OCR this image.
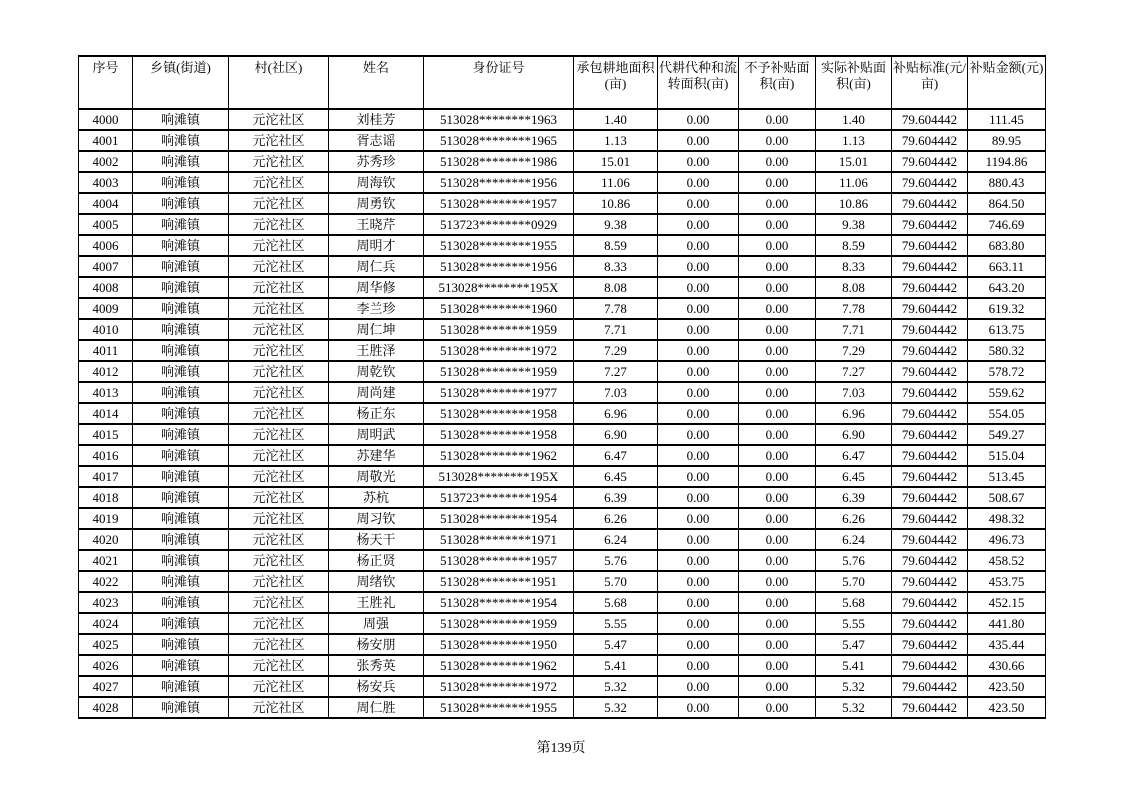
序号	乡镇(街道)	村(社区)	姓名	身份证号	承包耕地面积(亩)	代耕代种和流转面积(亩)	不予补贴面积(亩)	实际补贴面积(亩)	补贴标准(元/亩)	补贴金额(元)
4000	响滩镇	元沱社区	刘桂芳	513028********1963	1.40	0.00	0.00	1.40	79.604442	111.45
4001	响滩镇	元沱社区	胥志谣	513028********1965	1.13	0.00	0.00	1.13	79.604442	89.95
4002	响滩镇	元沱社区	苏秀珍	513028********1986	15.01	0.00	0.00	15.01	79.604442	1194.86
4003	响滩镇	元沱社区	周海钦	513028********1956	11.06	0.00	0.00	11.06	79.604442	880.43
4004	响滩镇	元沱社区	周勇钦	513028********1957	10.86	0.00	0.00	10.86	79.604442	864.50
4005	响滩镇	元沱社区	王晓芹	513723********0929	9.38	0.00	0.00	9.38	79.604442	746.69
4006	响滩镇	元沱社区	周明才	513028********1955	8.59	0.00	0.00	8.59	79.604442	683.80
4007	响滩镇	元沱社区	周仁兵	513028********1956	8.33	0.00	0.00	8.33	79.604442	663.11
4008	响滩镇	元沱社区	周华修	513028********195X	8.08	0.00	0.00	8.08	79.604442	643.20
4009	响滩镇	元沱社区	李兰珍	513028********1960	7.78	0.00	0.00	7.78	79.604442	619.32
4010	响滩镇	元沱社区	周仁坤	513028********1959	7.71	0.00	0.00	7.71	79.604442	613.75
4011	响滩镇	元沱社区	王胜泽	513028********1972	7.29	0.00	0.00	7.29	79.604442	580.32
4012	响滩镇	元沱社区	周乾钦	513028********1959	7.27	0.00	0.00	7.27	79.604442	578.72
4013	响滩镇	元沱社区	周尚建	513028********1977	7.03	0.00	0.00	7.03	79.604442	559.62
4014	响滩镇	元沱社区	杨正东	513028********1958	6.96	0.00	0.00	6.96	79.604442	554.05
4015	响滩镇	元沱社区	周明武	513028********1958	6.90	0.00	0.00	6.90	79.604442	549.27
4016	响滩镇	元沱社区	苏建华	513028********1962	6.47	0.00	0.00	6.47	79.604442	515.04
4017	响滩镇	元沱社区	周敬光	513028********195X	6.45	0.00	0.00	6.45	79.604442	513.45
4018	响滩镇	元沱社区	苏杭	513723********1954	6.39	0.00	0.00	6.39	79.604442	508.67
4019	响滩镇	元沱社区	周习钦	513028********1954	6.26	0.00	0.00	6.26	79.604442	498.32
4020	响滩镇	元沱社区	杨天干	513028********1971	6.24	0.00	0.00	6.24	79.604442	496.73
4021	响滩镇	元沱社区	杨正贤	513028********1957	5.76	0.00	0.00	5.76	79.604442	458.52
4022	响滩镇	元沱社区	周绪钦	513028********1951	5.70	0.00	0.00	5.70	79.604442	453.75
4023	响滩镇	元沱社区	王胜礼	513028********1954	5.68	0.00	0.00	5.68	79.604442	452.15
4024	响滩镇	元沱社区	周强	513028********1959	5.55	0.00	0.00	5.55	79.604442	441.80
4025	响滩镇	元沱社区	杨安朋	513028********1950	5.47	0.00	0.00	5.47	79.604442	435.44
4026	响滩镇	元沱社区	张秀英	513028********1962	5.41	0.00	0.00	5.41	79.604442	430.66
4027	响滩镇	元沱社区	杨安兵	513028********1972	5.32	0.00	0.00	5.32	79.604442	423.50
4028	响滩镇	元沱社区	周仁胜	513028********1955	5.32	0.00	0.00	5.32	79.604442	423.50
第139页
